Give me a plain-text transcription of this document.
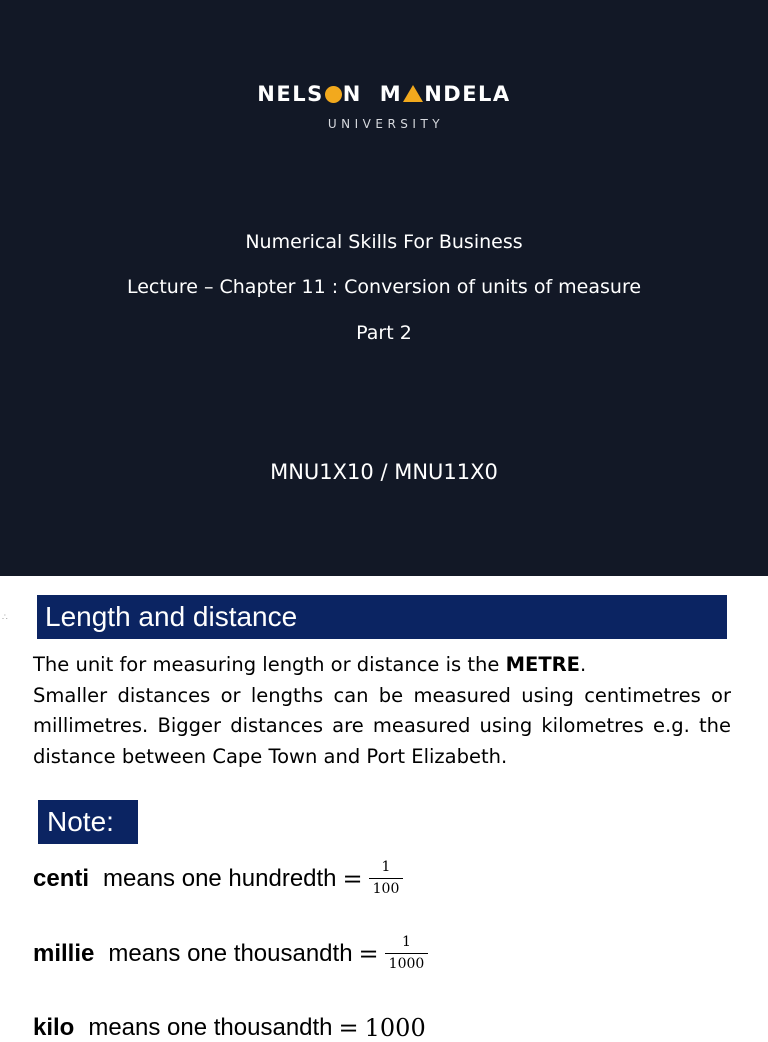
NELS N M NDELA
UNIVERSITY
Numerical Skills For Business
Lecture – Chapter 11 : Conversion of units of measure
Part 2
MNU1X10 / MNU11X0
∴ Length and distance

The unit for measuring length or distance is the METRE.

Smaller distances or lengths can be measured using centimetres or millimetres. Bigger distances are measured using kilometres e.g. the distance between Cape Town and Port Elizabeth.

Note:
centi means one hundredth = $\frac{1}{100}$
millie means one thousandth = $\frac{1}{1000}$
kilo means one thousandth = 1000
